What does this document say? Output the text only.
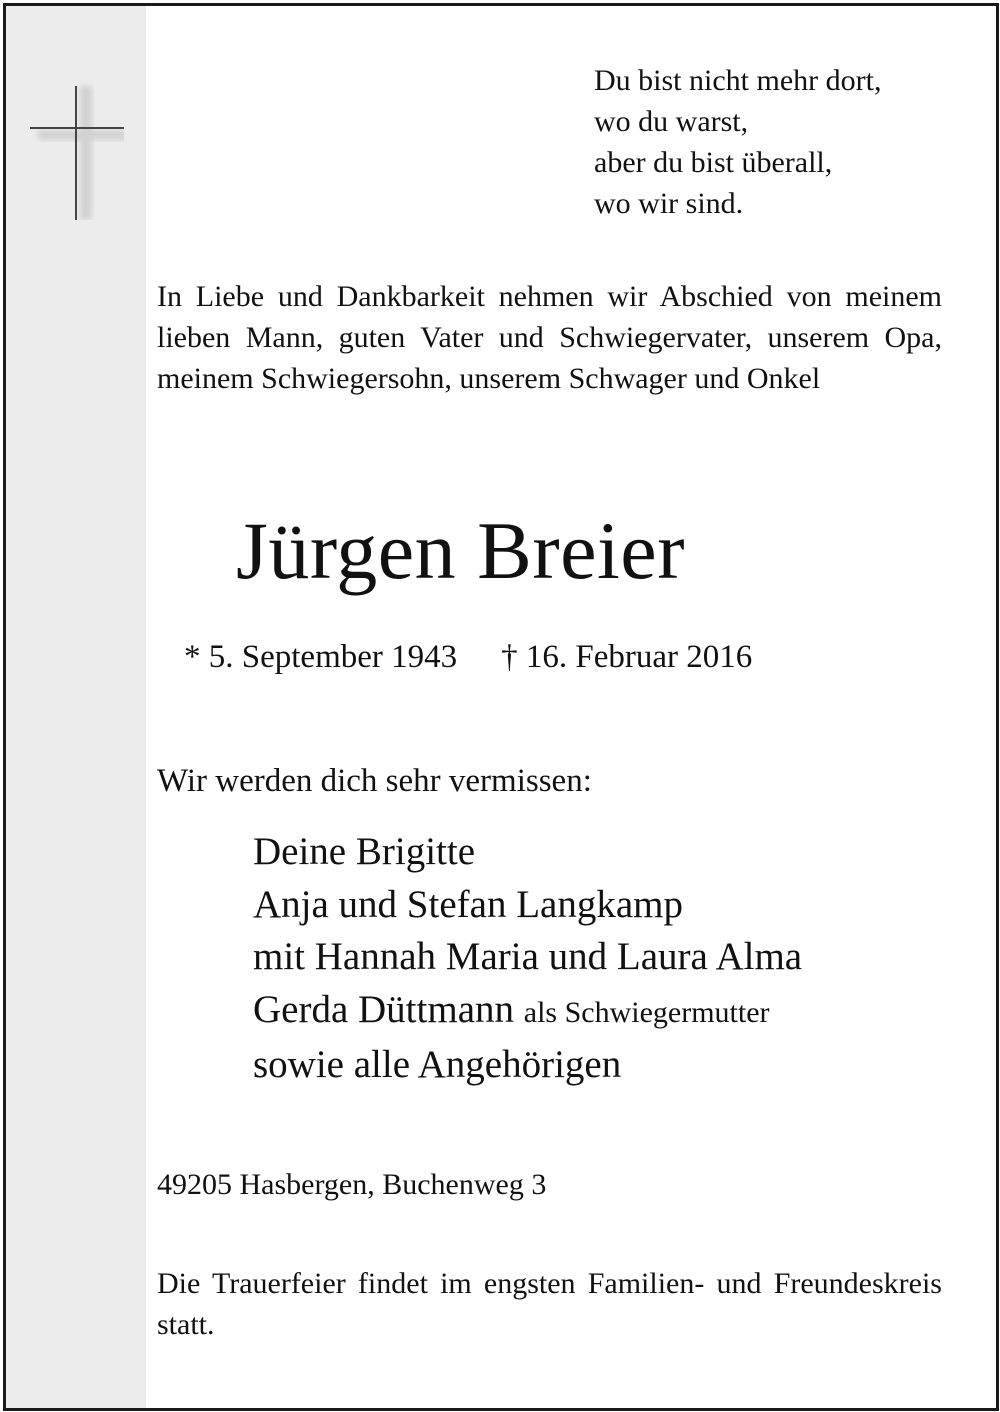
Du bist nicht mehr dort,
wo du warst,
aber du bist überall,
wo wir sind.
In Liebe und Dankbarkeit nehmen wir Abschied von meinem lieben Mann, guten Vater und Schwiegervater, unserem Opa, meinem Schwiegersohn, unserem Schwager und Onkel
Jürgen Breier
* 5. September 1943 † 16. Februar 2016
Wir werden dich sehr vermissen:
Deine Brigitte
Anja und Stefan Langkamp
mit Hannah Maria und Laura Alma
Gerda Düttmann als Schwiegermutter
sowie alle Angehörigen
49205 Hasbergen, Buchenweg 3
Die Trauerfeier findet im engsten Familien- und Freundeskreis statt.
